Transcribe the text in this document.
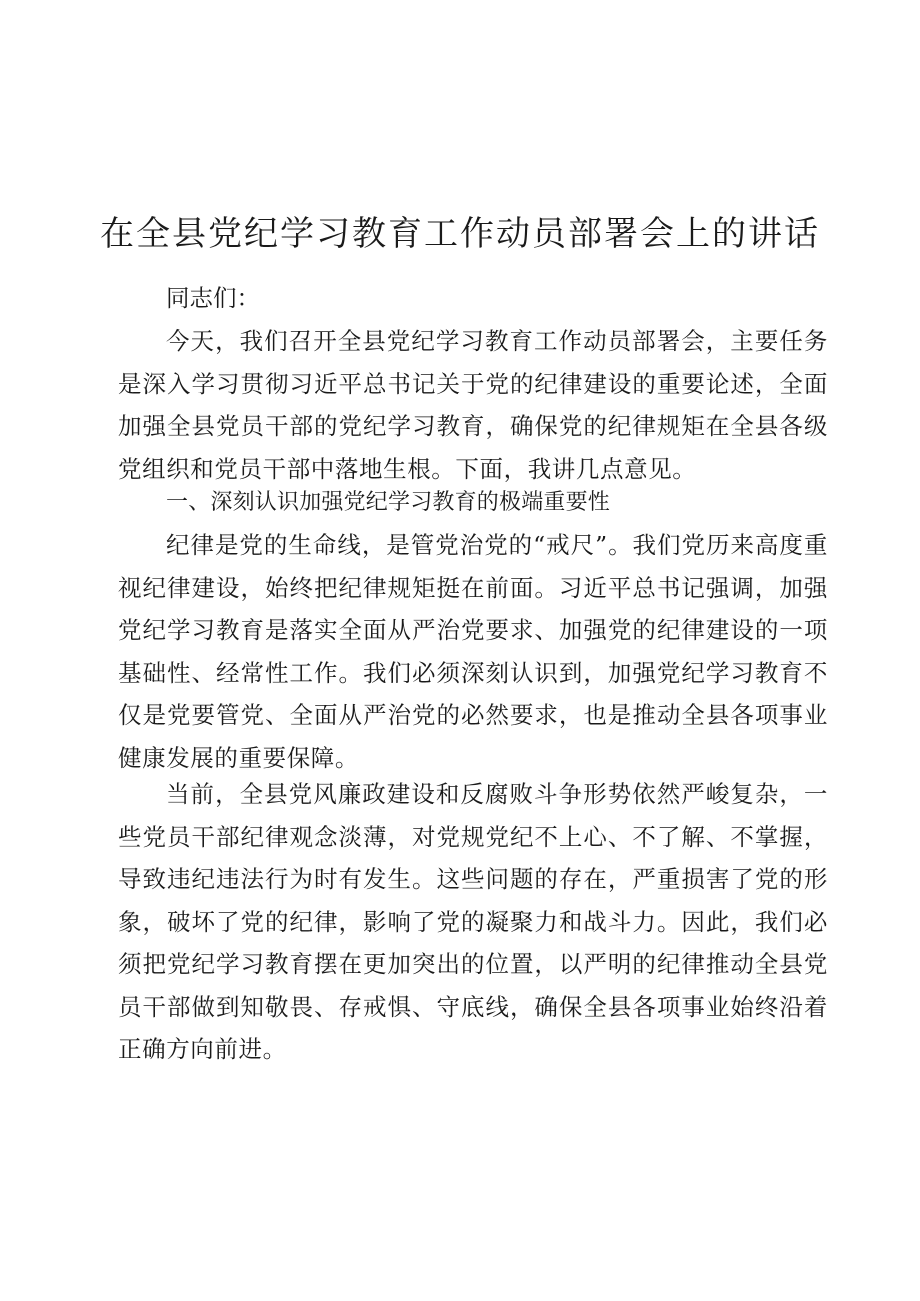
在全县党纪学习教育工作动员部署会上的讲话
同志们：

今天，我们召开全县党纪学习教育工作动员部署会，主要任务是深入学习贯彻习近平总书记关于党的纪律建设的重要论述，全面加强全县党员干部的党纪学习教育，确保党的纪律规矩在全县各级党组织和党员干部中落地生根。下面，我讲几点意见。

一、深刻认识加强党纪学习教育的极端重要性

纪律是党的生命线，是管党治党的“戒尺”。我们党历来高度重视纪律建设，始终把纪律规矩挺在前面。习近平总书记强调，加强党纪学习教育是落实全面从严治党要求、加强党的纪律建设的一项基础性、经常性工作。我们必须深刻认识到，加强党纪学习教育不仅是党要管党、全面从严治党的必然要求，也是推动全县各项事业健康发展的重要保障。

当前，全县党风廉政建设和反腐败斗争形势依然严峻复杂，一些党员干部纪律观念淡薄，对党规党纪不上心、不了解、不掌握，导致违纪违法行为时有发生。这些问题的存在，严重损害了党的形象，破坏了党的纪律，影响了党的凝聚力和战斗力。因此，我们必须把党纪学习教育摆在更加突出的位置，以严明的纪律推动全县党员干部做到知敬畏、存戒惧、守底线，确保全县各项事业始终沿着正确方向前进。
